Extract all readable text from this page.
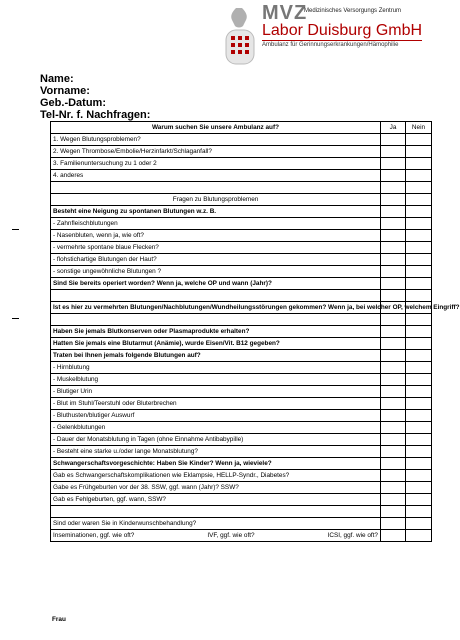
MVZ
Medizinisches Versorgungs Zentrum
Labor Duisburg GmbH
Ambulanz für Gerinnungserkrankungen/Hämophilie
Name:
Vorname:
Geb.-Datum:
Tel-Nr. f. Nachfragen:
Warum suchen Sie unsere Ambulanz auf?	Ja	Nein
1. Wegen Blutungsproblemen?		
2. Wegen Thrombose/Embolie/Herzinfarkt/Schlaganfall?		
3. Familienuntersuchung zu 1 oder 2		
4. anderes		

Fragen zu Blutungsproblemen		
Besteht eine Neigung zu spontanen Blutungen w.z. B.		
- Zahnfleischblutungen		
- Nasenbluten, wenn ja, wie oft?		
- vermehrte spontane blaue Flecken?		
- flohstichartige Blutungen der Haut?		
- sonstige ungewöhnliche Blutungen ?		
Sind Sie bereits operiert worden? Wenn ja, welche OP und wann (Jahr)?		

Ist es hier zu vermehrten Blutungen/Nachblutungen/Wundheilungsstörungen gekommen? Wenn ja, bei welcher OP, welchem Eingriff?		

Haben Sie jemals Blutkonserven oder Plasmaprodukte erhalten?		
Hatten Sie jemals eine Blutarmut (Anämie), wurde Eisen/Vit. B12 gegeben?		
Traten bei Ihnen jemals folgende Blutungen auf?		
- Hirnblutung		
- Muskelblutung		
- Blutiger Urin		
- Blut im Stuhl/Teerstuhl oder Bluterbrechen		
- Bluthusten/blutiger Auswurf		
- Gelenkblutungen		
- Dauer der Monatsblutung in Tagen (ohne Einnahme Antibabypille)		
- Besteht eine starke u./oder lange Monatsblutung?		
Schwangerschaftsvorgeschichte: Haben Sie Kinder? Wenn ja, wieviele?		
Gab es Schwangerschaftskomplikationen wie Eklampsie, HELLP-Syndr., Diabetes?		
Gabe es Frühgeburten vor der 38. SSW, ggf. wann (Jahr)? SSW?		
Gab es Fehlgeburten, ggf. wann, SSW?		

Sind oder waren Sie in Kinderwunschbehandlung?		

Inseminationen, ggf. wie oft? IVF, ggf. wie oft? ICSI, ggf. wie oft?		

Frau
